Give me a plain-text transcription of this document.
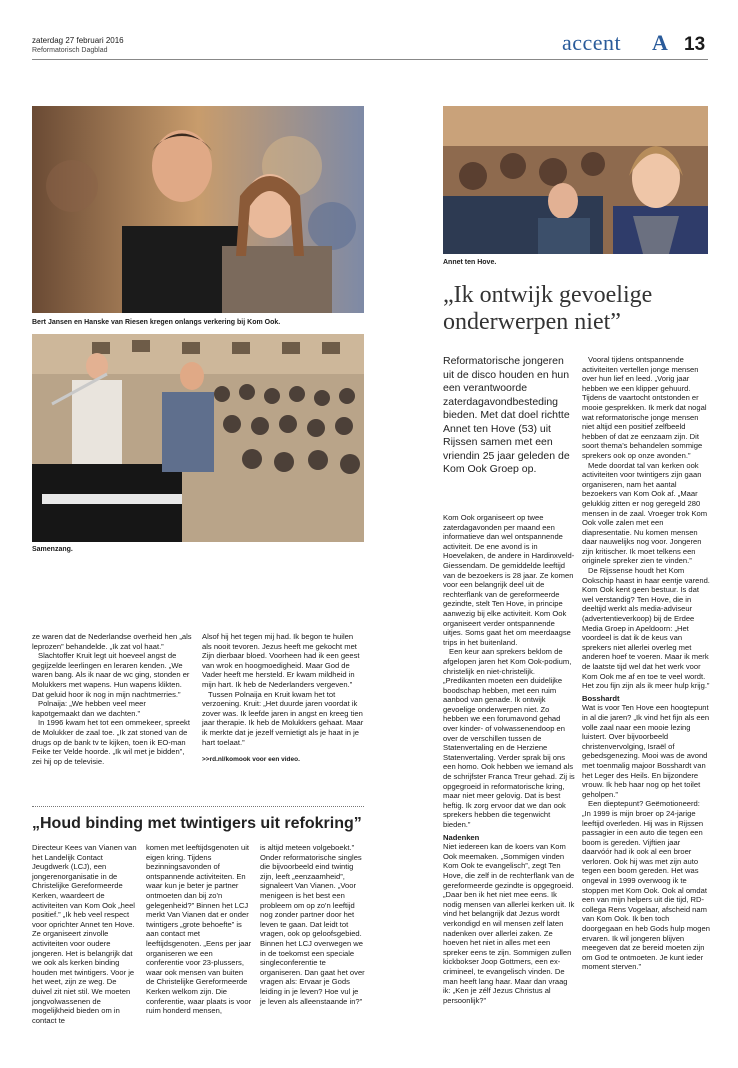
zaterdag 27 februari 2016
Reformatorisch Dagblad	accent A 13
Bert Jansen en Hanske van Riesen kregen onlangs verkering bij Kom Ook.
Samenzang.
Annet ten Hove.
„Ik ontwijk gevoelige onderwerpen niet”
Reformatorische jongeren uit de disco houden en hun een verantwoorde zaterdagavondbesteding bieden. Met dat doel richtte Annet ten Hove (53) uit Rijssen samen met een vriendin 25 jaar geleden de Kom Ook Groep op.

Kom Ook organiseert op twee zaterdagavonden per maand een informatieve dan wel ontspannende activiteit. De ene avond is in Hoevelaken, de andere in Hardinxveld-Giessendam. De gemiddelde leeftijd van de bezoekers is 28 jaar. Ze komen voor een belangrijk deel uit de rechterflank van de gereformeerde gezindte, stelt Ten Hove, in principe aanwezig bij elke activiteit. Kom Ook organiseert verder ontspannende uitjes. Soms gaat het om meerdaagse trips in het buitenland.

Een keur aan sprekers beklom de afgelopen jaren het Kom Ook-podium, christelijk en niet-christelijk. „Predikanten moeten een duidelijke boodschap hebben, met een ruim aanbod van genade. Ik ontwijk gevoelige onderwerpen niet. Zo hebben we een forumavond gehad over kinder- of volwassenendoop en over de verschillen tussen de Statenvertaling en de Herziene Statenvertaling. Verder sprak bij ons een homo. Ook hebben we iemand als de schrijfster Franca Treur gehad. Zij is opgegroeid in reformatorische kring, maar niet meer gelovig. Dat is best heftig. Ik zorg ervoor dat we dan ook sprekers hebben die tegenwicht bieden.”

Nadenken

Niet iedereen kan de koers van Kom Ook meemaken. „Sommigen vinden Kom Ook te evangelisch”, zegt Ten Hove, die zelf in de rechterflank van de gereformeerde gezindte is opgegroeid. „Daar ben ik het niet mee eens. Ik nodig mensen van allerlei kerken uit. Ik vind het belangrijk dat Jezus wordt verkondigd en wil mensen zelf laten nadenken over allerlei zaken. Ze hoeven het niet in alles met een spreker eens te zijn. Sommigen zullen kickbokser Joop Gottmers, een ex-crimineel, te evangelisch vinden. De man heeft lang haar. Maar dan vraag ik: „Ken je zélf Jezus Christus al persoonlijk?”

Vooral tijdens ontspannende activiteiten vertellen jonge mensen over hun lief en leed. „Vorig jaar hebben we een klipper gehuurd. Tijdens de vaartocht ontstonden er mooie gesprekken. Ik merk dat nogal wat reformatorische jonge mensen niet altijd een positief zelfbeeld hebben of dat ze eenzaam zijn. Dit soort thema’s behandelen sommige sprekers ook op onze avonden.”

Mede doordat tal van kerken ook activiteiten voor twintigers zijn gaan organiseren, nam het aantal bezoekers van Kom Ook af. „Maar gelukkig zitten er nog geregeld 280 mensen in de zaal. Vroeger trok Kom Ook volle zalen met een diapresentatie. Nu komen mensen daar nauwelijks nog voor. Jongeren zijn kritischer. Ik moet telkens een originele spreker zien te vinden.”

De Rijssense houdt het Kom Ookschip haast in haar eentje varend. Kom Ook kent geen bestuur. Is dat wel verstandig? Ten Hove, die in deeltijd werkt als media-adviseur (advertentieverkoop) bij de Erdee Media Groep in Apeldoorn: „Het voordeel is dat ik de keus van sprekers niet allerlei overleg met anderen hoef te voeren. Maar ik merk de laatste tijd wel dat het werk voor Kom Ook me af en toe te veel wordt. Het zou fijn zijn als ik meer hulp krijg.”

Bosshardt

Wat is voor Ten Hove een hoogtepunt in al die jaren? „Ik vind het fijn als een volle zaal naar een mooie lezing luistert. Over bijvoorbeeld christenvervolging, Israël of gebedsgenezing. Mooi was de avond met toenmalig majoor Bosshardt van het Leger des Heils. En bijzondere vrouw. Ik heb haar nog op het toilet geholpen.”

Een dieptepunt? Geëmotioneerd: „In 1999 is mijn broer op 24-jarige leeftijd overleden. Hij was in Rijssen passagier in een auto die tegen een boom is gereden. Vijftien jaar daarvóór had ik ook al een broer verloren. Ook hij was met zijn auto tegen een boom gereden. Het was ongeval in 1999 overwoog ik te stoppen met Kom Ook. Ook al omdat een van mijn helpers uit die tijd, RD-collega Rens Vogelaar, afscheid nam van Kom Ook. Ik ben toch doorgegaan en heb Gods hulp mogen ervaren. Ik wil jongeren blijven meegeven dat ze bereid moeten zijn om God te ontmoeten. Je kunt ieder moment sterven.”

ze waren dat de Nederlandse overheid hen „als leprozen” behandelde. „Ik zat vol haat.”

Slachtoffer Kruit legt uit hoeveel angst de gegijzelde leerlingen en leraren kenden. „We waren bang. Als ik naar de wc ging, stonden er Molukkers met wapens. Hun wapens klikten. Dat geluid hoor ik nog in mijn nachtmerries.”

Polnaija: „We hebben veel meer kapotgemaakt dan we dachten.”

In 1996 kwam het tot een ommekeer, spreekt de Molukker de zaal toe. „Ik zat stoned van de drugs op de bank tv te kijken, toen ik EO-man Feike ter Velde hoorde. „Ik wil met je bidden”, zei hij op de televisie.

Alsof hij het tegen mij had. Ik begon te huilen als nooit tevoren. Jezus heeft me gekocht met Zijn dierbaar bloed. Voorheen had ik een geest van wrok en hoogmoedigheid. Maar God de Vader heeft me hersteld. Er kwam mildheid in mijn hart. Ik heb de Nederlanders vergeven.”

Tussen Polnaija en Kruit kwam het tot verzoening. Kruit: „Het duurde jaren voordat ik zover was. Ik leefde jaren in angst en kreeg tien jaar therapie. Ik heb de Molukkers gehaat. Maar ik merkte dat je jezelf vernietigt als je haat in je hart toelaat.”

>>rd.nl/komook voor een video.
„Houd binding met twintigers uit refokring”
Directeur Kees van Vianen van het Landelijk Contact Jeugdwerk (LCJ), een jongerenorganisatie in de Christelijke Gereformeerde Kerken, waardeert de activiteiten van Kom Ook „heel positief.” „Ik heb veel respect voor oprichter Annet ten Hove. Ze organiseert zinvolle activiteiten voor oudere jongeren. Het is belangrijk dat we ook als kerken binding houden met twintigers. Voor je het weet, zijn ze weg. De duivel zit niet stil. We moeten jongvolwassenen de mogelijkheid bieden om in contact te
komen met leeftijdsgenoten uit eigen kring. Tijdens bezinningsavonden of ontspannende activiteiten. En waar kun je beter je partner ontmoeten dan bij zo'n gelegenheid?” Binnen het LCJ merkt Van Vianen dat er onder twintigers „grote behoefte” is aan contact met leeftijdsgenoten. „Eens per jaar organiseren we een conferentie voor 23-plussers, waar ook mensen van buiten de Christelijke Gereformeerde Kerken welkom zijn. Die conferentie, waar plaats is voor ruim honderd mensen,
is altijd meteen volgeboekt.” Onder reformatorische singles die bijvoorbeeld eind twintig zijn, leeft „eenzaamheid”, signaleert Van Vianen. „Voor menigeen is het best een probleem om op zo'n leeftijd nog zonder partner door het leven te gaan. Dat leidt tot vragen, ook op geloofsgebied. Binnen het LCJ overwegen we in de toekomst een speciale singleconferentie te organiseren. Dan gaat het over vragen als: Ervaar je Gods leiding in je leven? Hoe vul je je leven als alleenstaande in?”
